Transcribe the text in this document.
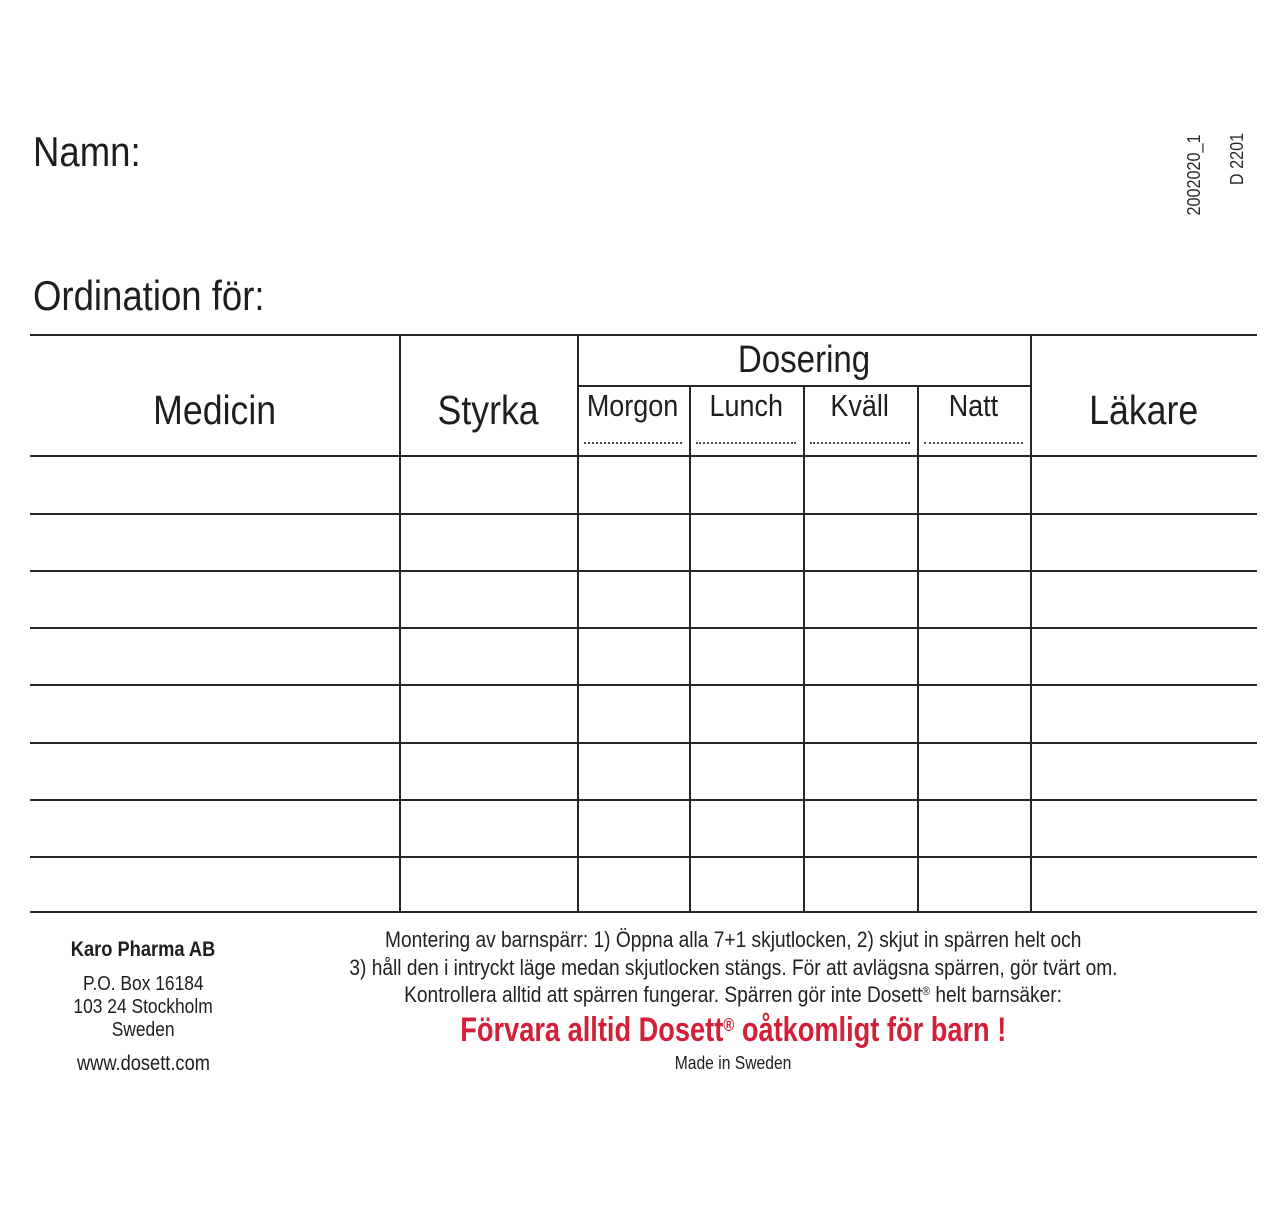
Namn:
Ordination för:
2002020_1 D 2201
Medicin	Styrka
Dosering
Morgon Lunch Kväll Natt Läkare
Karo Pharma AB
P.O. Box 16184
103 24 Stockholm
Sweden
www.dosett.com
Montering av barnspärr: 1) Öppna alla 7+1 skjutlocken, 2) skjut in spärren helt och
3) håll den i intryckt läge medan skjutlocken stängs. För att avlägsna spärren, gör tvärt om.
Kontrollera alltid att spärren fungerar. Spärren gör inte Dosett® helt barnsäker:
Förvara alltid Dosett® oåtkomligt för barn !
Made in Sweden
